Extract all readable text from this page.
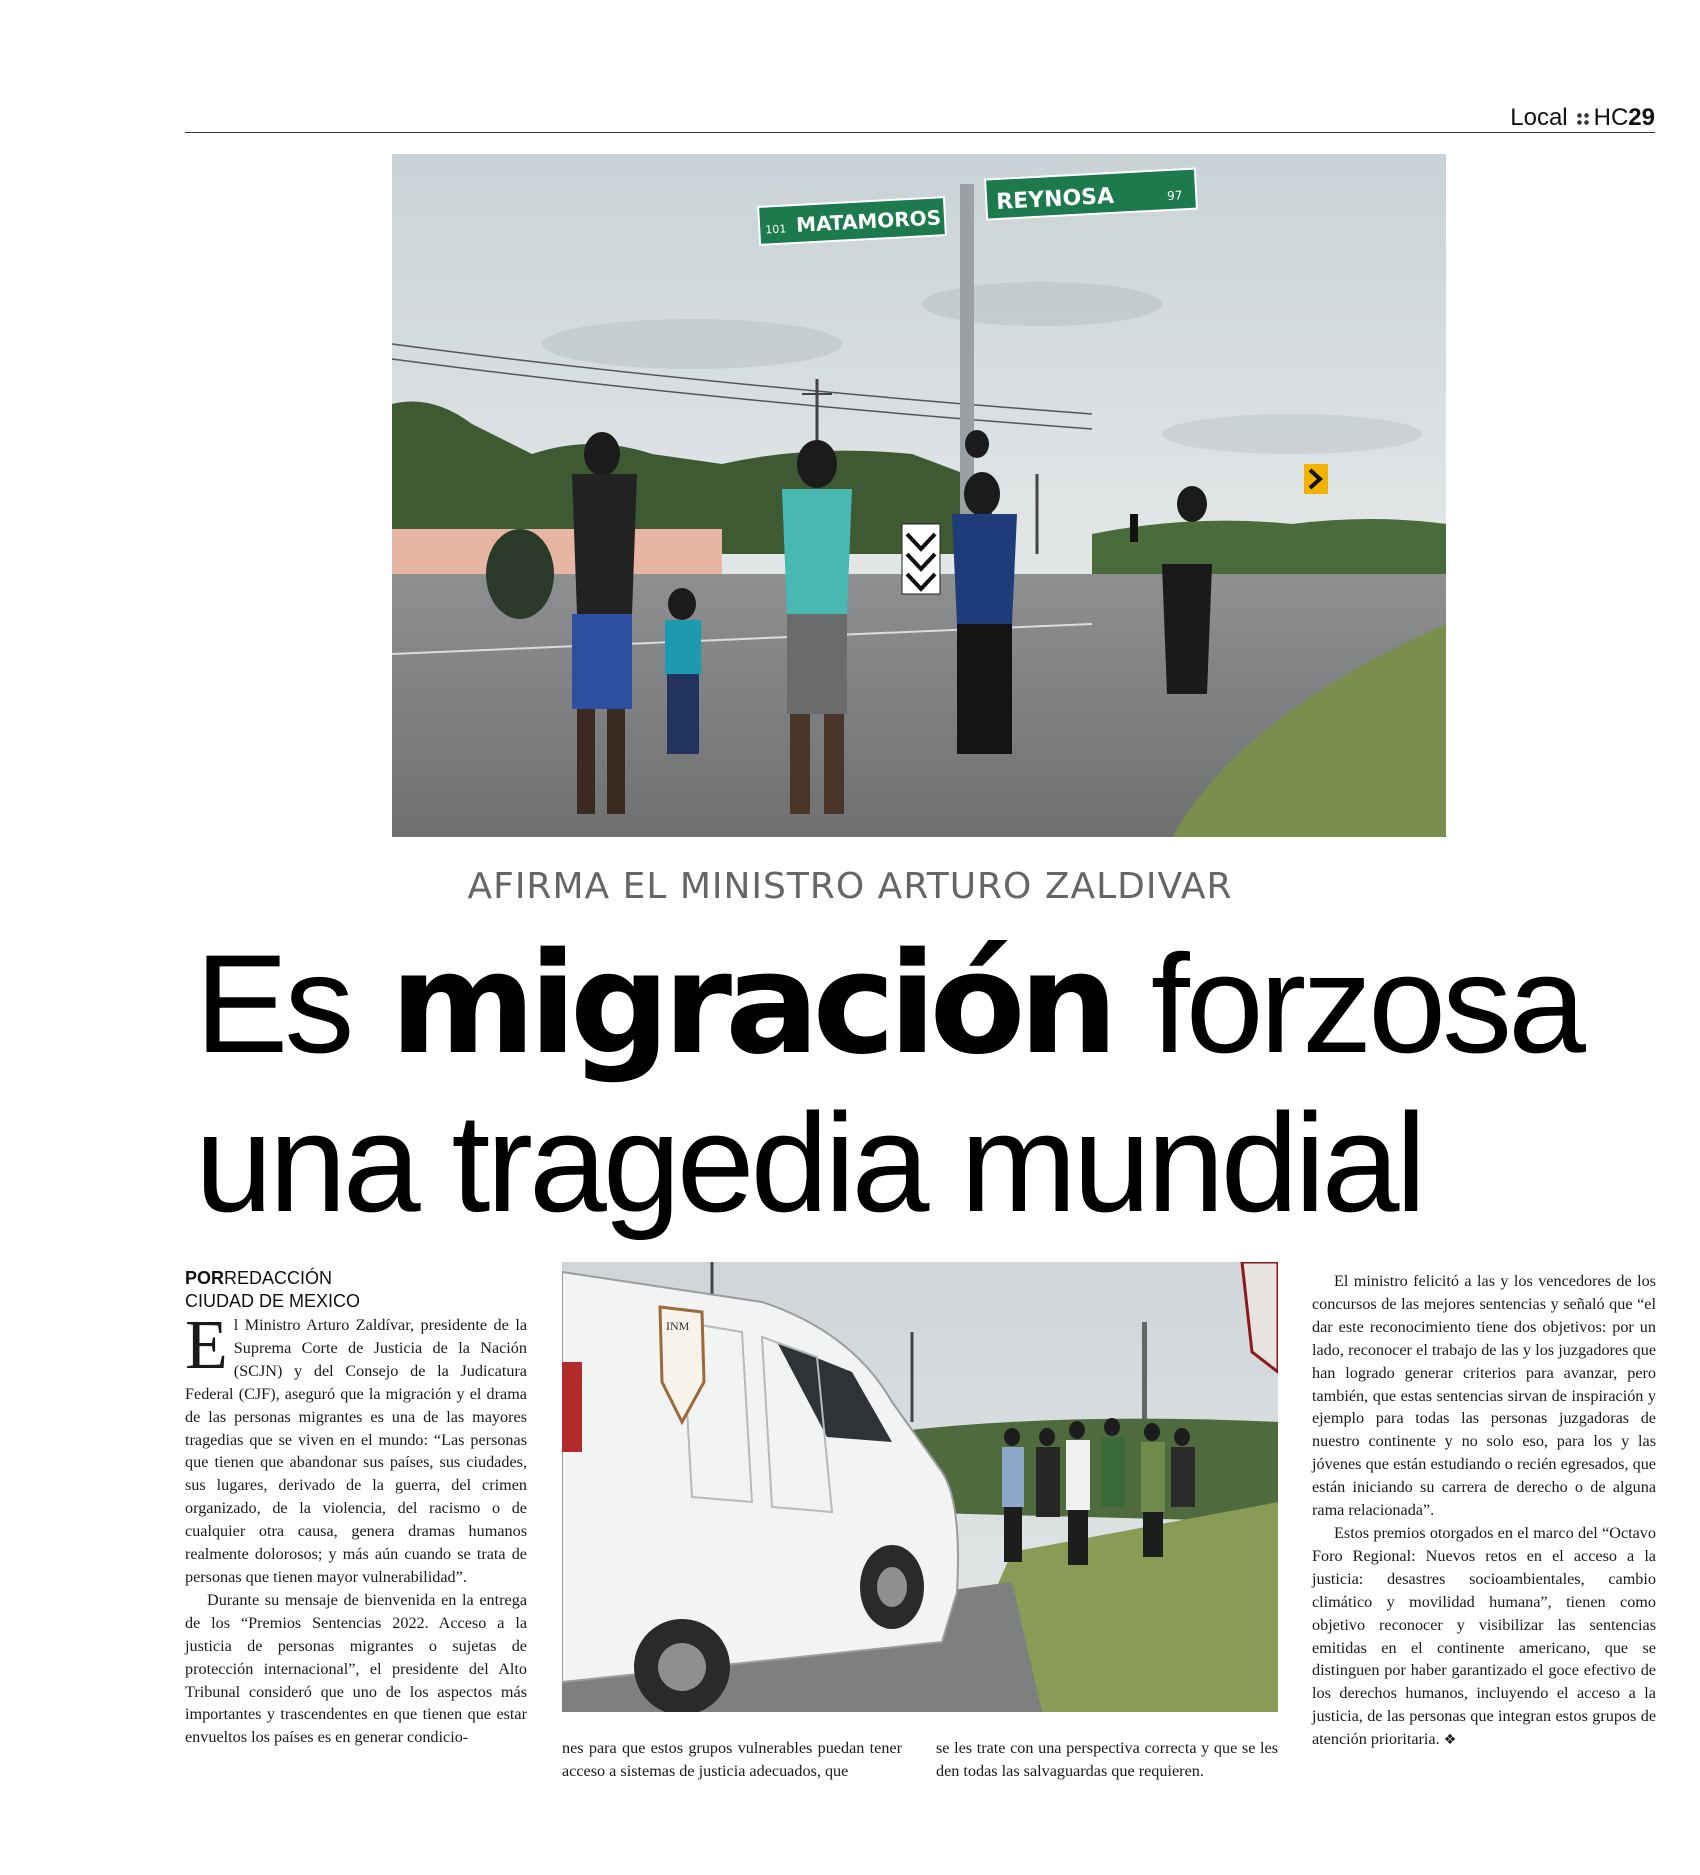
Local HC29
MATAMOROS
101
REYNOSA	97
AFIRMA EL MINISTRO ARTURO ZALDIVAR
Es migración forzosa
una tragedia mundial
PORREDACCIÓN
CIUDAD DE MEXICO

El Ministro Arturo Zaldívar, presidente de la Suprema Corte de Justicia de la Nación (SCJN) y del Consejo de la Judicatura Federal (CJF), aseguró que la migración y el drama de las personas migrantes es una de las mayores tragedias que se viven en el mundo: “Las personas que tienen que abandonar sus países, sus ciudades, sus lugares, derivado de la guerra, del crimen organizado, de la violencia, del racismo o de cualquier otra causa, genera dramas humanos realmente dolorosos; y más aún cuando se trata de personas que tienen mayor vulnerabilidad”.

Durante su mensaje de bienvenida en la entrega de los “Premios Sentencias 2022. Acceso a la justicia de personas migrantes o sujetas de protección internacional”, el presidente del Alto Tribunal consideró que uno de los aspectos más importantes y trascendentes en que tienen que estar envueltos los países es en generar condicio-

INM

nes para que estos grupos vulnerables puedan tener acceso a sistemas de justicia adecuados, que

se les trate con una perspectiva correcta y que se les den todas las salvaguardas que requieren.

El ministro felicitó a las y los vencedores de los concursos de las mejores sentencias y señaló que “el dar este reconocimiento tiene dos objetivos: por un lado, reconocer el trabajo de las y los juzgadores que han logrado generar criterios para avanzar, pero también, que estas sentencias sirvan de inspiración y ejemplo para todas las personas juzgadoras de nuestro continente y no solo eso, para los y las jóvenes que están estudiando o recién egresados, que están iniciando su carrera de derecho o de alguna rama relacionada”.

Estos premios otorgados en el marco del “Octavo Foro Regional: Nuevos retos en el acceso a la justicia: desastres socioambientales, cambio climático y movilidad humana”, tienen como objetivo reconocer y visibilizar las sentencias emitidas en el continente americano, que se distinguen por haber garantizado el goce efectivo de los derechos humanos, incluyendo el acceso a la justicia, de las personas que integran estos grupos de atención prioritaria. ❖
